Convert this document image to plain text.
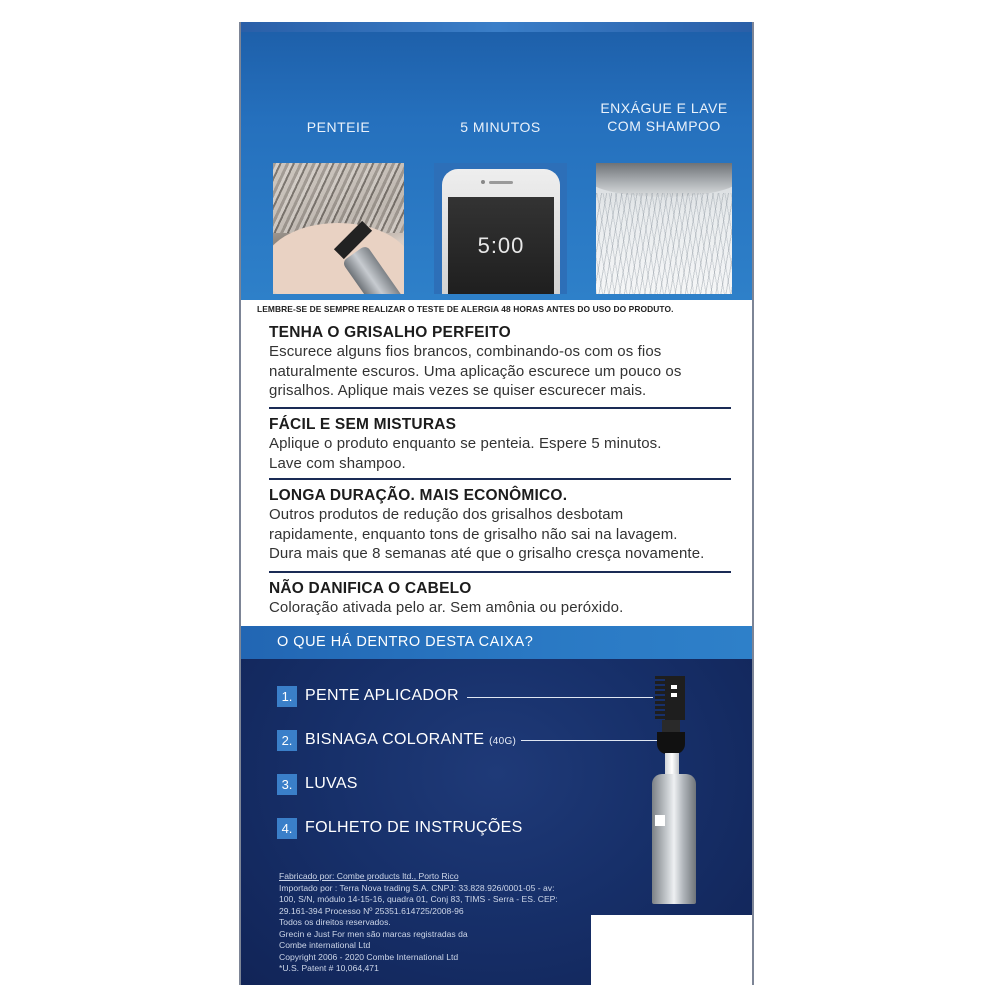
PENTEIE	5 MINUTOS
ENXÁGUE E LAVE
COM SHAMPOO
5:00
LEMBRE-SE DE SEMPRE REALIZAR O TESTE DE ALERGIA 48 HORAS ANTES DO USO DO PRODUTO.
TENHA O GRISALHO PERFEITO

Escurece alguns fios brancos, combinando-os com os fios

naturalmente escuros. Uma aplicação escurece um pouco os

grisalhos. Aplique mais vezes se quiser escurecer mais.

FÁCIL E SEM MISTURAS

Aplique o produto enquanto se penteia. Espere 5 minutos.

Lave com shampoo.

LONGA DURAÇÃO. MAIS ECONÔMICO.

Outros produtos de redução dos grisalhos desbotam

rapidamente, enquanto tons de grisalho não sai na lavagem.

Dura mais que 8 semanas até que o grisalho cresça novamente.

NÃO DANIFICA O CABELO

Coloração ativada pelo ar. Sem amônia ou peróxido.

O QUE HÁ DENTRO DESTA CAIXA?
1. PENTE APLICADOR
2. BISNAGA COLORANTE (40G)
3. LUVAS
4. FOLHETO DE INSTRUÇÕES
Fabricado por: Combe products ltd., Porto Rico
Importado por : Terra Nova trading S.A. CNPJ: 33.828.926/0001-05 - av:
100, S/N, módulo 14-15-16, quadra 01, Conj 83, TIMS - Serra - ES. CEP:
29.161-394 Processo Nº 25351.614725/2008-96
Todos os direitos reservados.
Grecin e Just For men são marcas registradas da
Combe international Ltd
Copyright 2006 - 2020 Combe International Ltd
*U.S. Patent # 10,064,471
